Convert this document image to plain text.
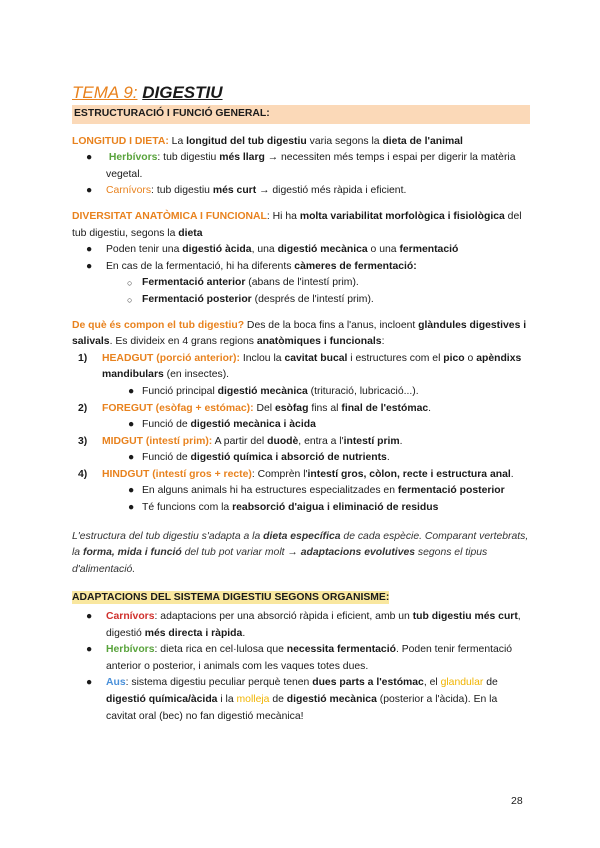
TEMA 9: DIGESTIU
ESTRUCTURACIÓ I FUNCIÓ GENERAL:

LONGITUD I DIETA: La longitud del tub digestiu varia segons la dieta de l'animal

● Herbívors: tub digestiu més llarg → necessiten més temps i espai per digerir la matèria vegetal.
● Carnívors: tub digestiu més curt → digestió més ràpida i eficient.

DIVERSITAT ANATÒMICA I FUNCIONAL: Hi ha molta variabilitat morfològica i fisiològica del tub digestiu, segons la dieta

● Poden tenir una digestió àcida, una digestió mecànica o una fermentació
● En cas de la fermentació, hi ha diferents càmeres de fermentació:
○ Fermentació anterior (abans de l'intestí prim).
○ Fermentació posterior (després de l'intestí prim).

De què és compon el tub digestiu? Des de la boca fins a l'anus, incloent glàndules digestives i salivals. Es divideix en 4 grans regions anatòmiques i funcionals:

1) HEADGUT (porció anterior): Inclou la cavitat bucal i estructures com el pico o apèndixs mandibulars (en insectes).
● Funció principal digestió mecànica (trituració, lubricació...).
2) FOREGUT (esòfag + estómac): Del esòfag fins al final de l'estómac.
● Funció de digestió mecànica i àcida
3) MIDGUT (intestí prim): A partir del duodè, entra a l'intestí prim.
● Funció de digestió química i absorció de nutrients.
4) HINDGUT (intestí gros + recte): Comprèn l'intestí gros, còlon, recte i estructura anal.
● En alguns animals hi ha estructures especialitzades en fermentació posterior
● Té funcions com la reabsorció d'aigua i eliminació de residus
L'estructura del tub digestiu s'adapta a la dieta específica de cada espècie. Comparant vertebrats, la forma, mida i funció del tub pot variar molt → adaptacions evolutives segons el tipus d'alimentació.
ADAPTACIONS DEL SISTEMA DIGESTIU SEGONS ORGANISME:
● Carnívors: adaptacions per una absorció ràpida i eficient, amb un tub digestiu més curt, digestió més directa i ràpida.
● Herbívors: dieta rica en cel·lulosa que necessita fermentació. Poden tenir fermentació anterior o posterior, i animals com les vaques totes dues.
● Aus: sistema digestiu peculiar perquè tenen dues parts a l'estómac, el glandular de digestió química/àcida i la molleja de digestió mecànica (posterior a l'àcida). En la cavitat oral (bec) no fan digestió mecànica!
28
